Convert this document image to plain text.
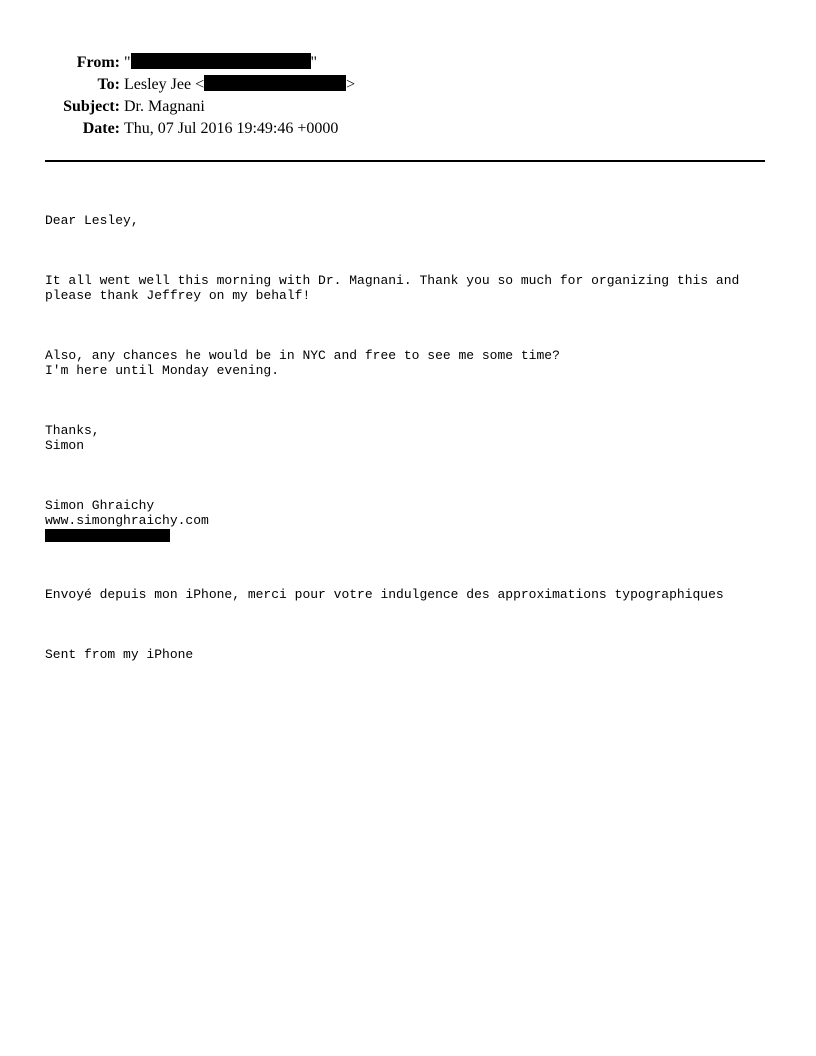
From: "	"
To: Lesley Jee <	>
Subject: Dr. Magnani
Date: Thu, 07 Jul 2016 19:49:46 +0000

Dear Lesley,

It all went well this morning with Dr. Magnani. Thank you so much for organizing this and
please thank Jeffrey on my behalf!

Also, any chances he would be in NYC and free to see me some time?
I'm here until Monday evening.

Thanks,
Simon

Simon Ghraichy
www.simonghraichy.com

Envoyé depuis mon iPhone, merci pour votre indulgence des approximations typographiques

Sent from my iPhone
